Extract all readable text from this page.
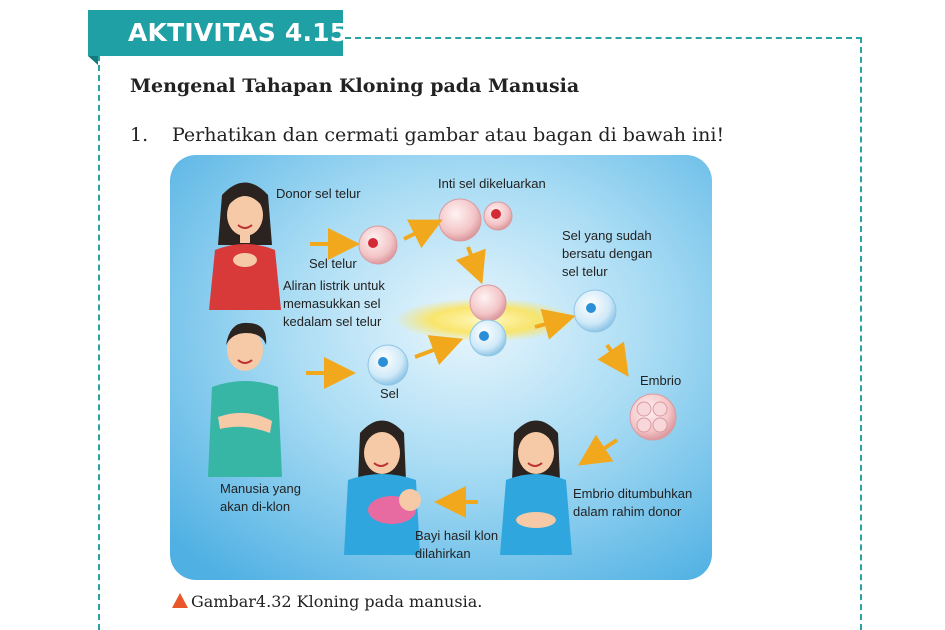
AKTIVITAS 4.15
Mengenal Tahapan Kloning pada Manusia
1. Perhatikan dan cermati gambar atau bagan di bawah ini!
Donor sel telur
Inti sel dikeluarkan
Sel telur
Aliran listrik untuk
memasukkan sel
kedalam sel telur
Sel yang sudah
bersatu dengan
sel telur
Sel
Embrio
Manusia yang
akan di-klon
Embrio ditumbuhkan
dalam rahim donor
Bayi hasil klon
dilahirkan
Gambar4.32 Kloning pada manusia.
